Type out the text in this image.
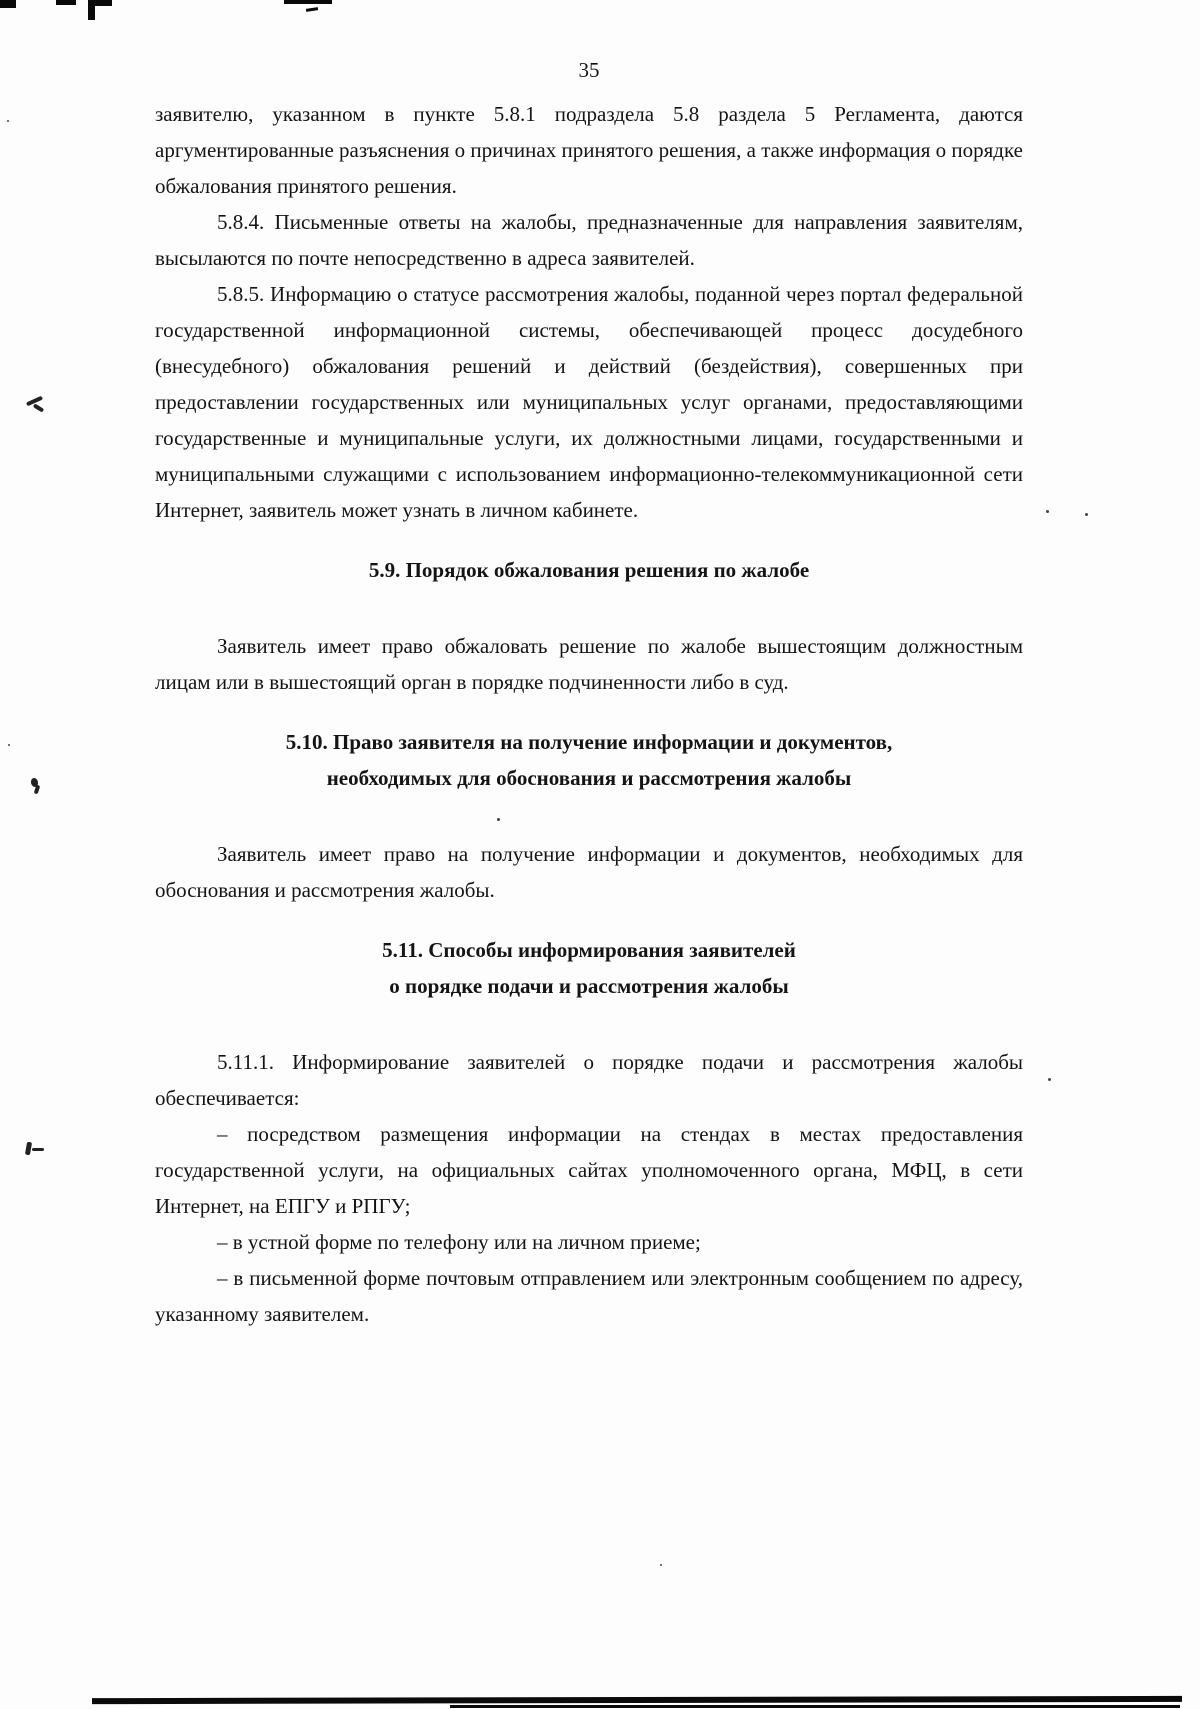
35

заявителю, указанном в пункте 5.8.1 подраздела 5.8 раздела 5 Регламента, даются аргументированные разъяснения о причинах принятого решения, а также информация о порядке обжалования принятого решения.

5.8.4. Письменные ответы на жалобы, предназначенные для направления заявителям, высылаются по почте непосредственно в адреса заявителей.

5.8.5. Информацию о статусе рассмотрения жалобы, поданной через портал федеральной государственной информационной системы, обеспечивающей процесс досудебного (внесудебного) обжалования решений и действий (бездействия), совершенных при предоставлении государственных или муниципальных услуг органами, предоставляющими государственные и муниципальные услуги, их должностными лицами, государственными и муниципальными служащими с использованием информационно-телекоммуникационной сети Интернет, заявитель может узнать в личном кабинете.

5.9. Порядок обжалования решения по жалобе

Заявитель имеет право обжаловать решение по жалобе вышестоящим должностным лицам или в вышестоящий орган в порядке подчиненности либо в суд.

5.10. Право заявителя на получение информации и документов,
необходимых для обоснования и рассмотрения жалобы

Заявитель имеет право на получение информации и документов, необходимых для обоснования и рассмотрения жалобы.

5.11. Способы информирования заявителей
о порядке подачи и рассмотрения жалобы

5.11.1. Информирование заявителей о порядке подачи и рассмотрения жалобы обеспечивается:

– посредством размещения информации на стендах в местах предоставления государственной услуги, на официальных сайтах уполномоченного органа, МФЦ, в сети Интернет, на ЕПГУ и РПГУ;

– в устной форме по телефону или на личном приеме;

– в письменной форме почтовым отправлением или электронным сообщением по адресу, указанному заявителем.
